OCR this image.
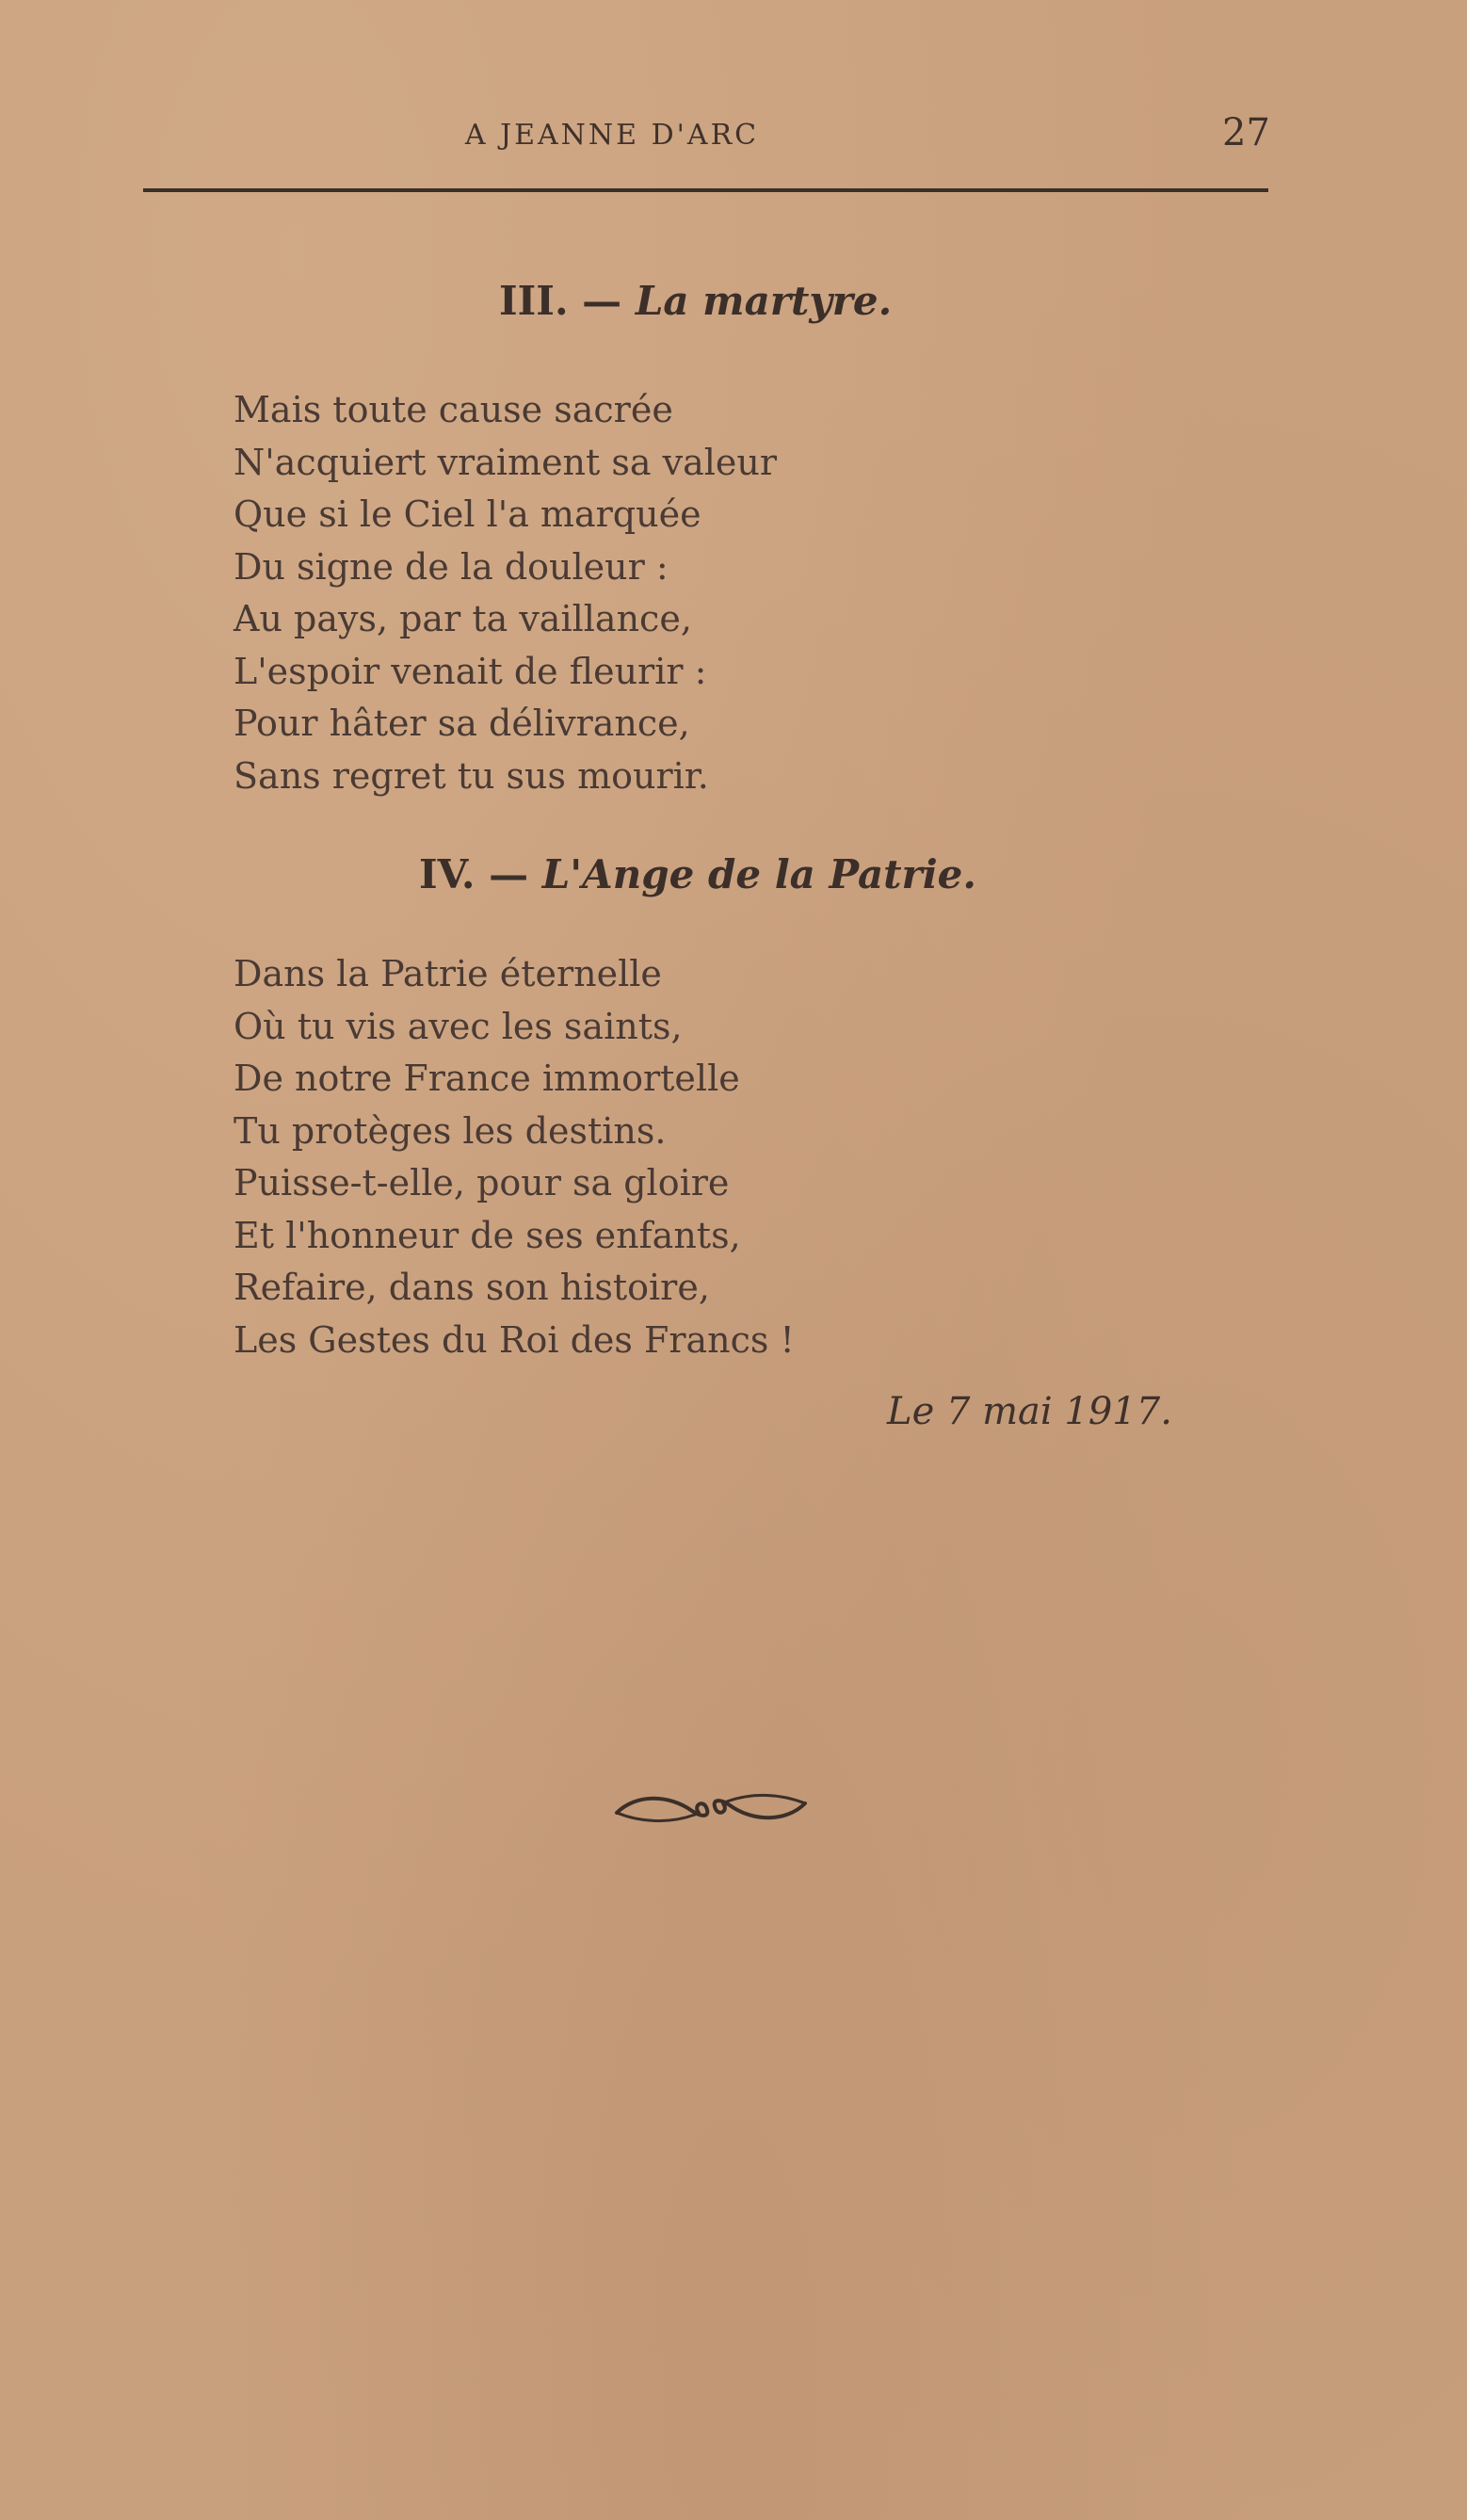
A JEANNE D'ARC	27
III. — La martyre.
Mais toute cause sacrée
N'acquiert vraiment sa valeur
Que si le Ciel l'a marquée
Du signe de la douleur :
Au pays, par ta vaillance,
L'espoir venait de fleurir :
Pour hâter sa délivrance,
Sans regret tu sus mourir.
IV. — L'Ange de la Patrie.
Dans la Patrie éternelle
Où tu vis avec les saints,
De notre France immortelle
Tu protèges les destins.
Puisse-t-elle, pour sa gloire
Et l'honneur de ses enfants,
Refaire, dans son histoire,
Les Gestes du Roi des Francs !
Le 7 mai 1917.
